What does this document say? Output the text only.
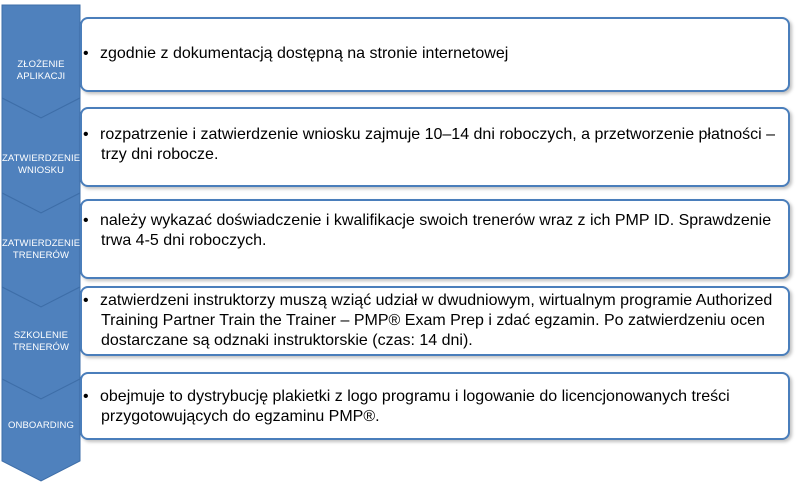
ZŁOŻENIE
APLIKACJI
ZATWIERDZENIE
WNIOSKU
ZATWIERDZENIE
TRENERÓW
SZKOLENIE
TRENERÓW
ONBOARDING
• zgodnie z dokumentacją dostępną na stronie internetowej
• rozpatrzenie i zatwierdzenie wniosku zajmuje 10–14 dni roboczych, a przetworzenie płatności – trzy dni robocze.
• należy wykazać doświadczenie i kwalifikacje swoich trenerów wraz z ich PMP ID. Sprawdzenie trwa 4-5 dni roboczych.
• zatwierdzeni instruktorzy muszą wziąć udział w dwudniowym, wirtualnym programie Authorized Training Partner Train the Trainer – PMP® Exam Prep i zdać egzamin. Po zatwierdzeniu ocen dostarczane są odznaki instruktorskie (czas: 14 dni).
• obejmuje to dystrybucję plakietki z logo programu i logowanie do licencjonowanych treści przygotowujących do egzaminu PMP®.
